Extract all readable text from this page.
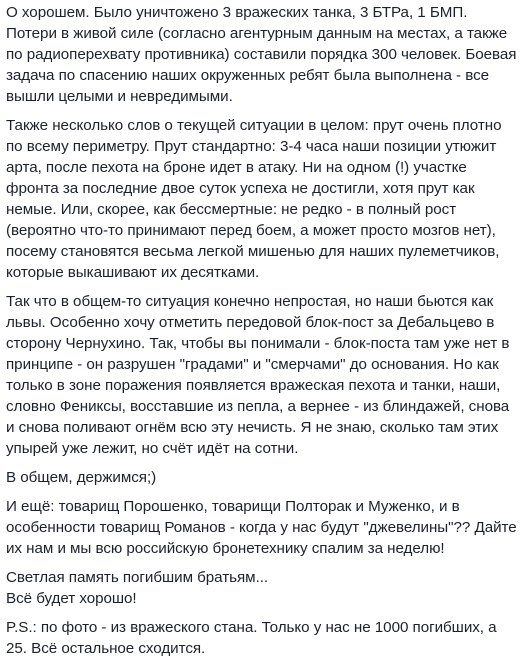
О хорошем. Было уничтожено 3 вражеских танка, 3 БТРа, 1 БМП. Потери в живой силе (согласно агентурным данным на местах, а также по радиоперехвату противника) составили порядка 300 человек. Боевая задача по спасению наших окруженных ребят была выполнена - все вышли целыми и невредимыми.

Также несколько слов о текущей ситуации в целом: прут очень плотно по всему периметру. Прут стандартно: 3-4 часа наши позиции утюжит арта, после пехота на броне идет в атаку. Ни на одном (!) участке фронта за последние двое суток успеха не достигли, хотя прут как немые. Или, скорее, как бессмертные: не редко - в полный рост (вероятно что-то принимают перед боем, а может просто мозгов нет), посему становятся весьма легкой мишенью для наших пулеметчиков, которые выкашивают их десятками.

Так что в общем-то ситуация конечно непростая, но наши бьются как львы. Особенно хочу отметить передовой блок-пост за Дебальцево в сторону Чернухино. Так, чтобы вы понимали - блок-поста там уже нет в принципе - он разрушен "градами" и "смерчами" до основания. Но как только в зоне поражения появляется вражеская пехота и танки, наши, словно Фениксы, восставшие из пепла, а вернее - из блиндажей, снова и снова поливают огнём всю эту нечисть. Я не знаю, сколько там этих упырей уже лежит, но счёт идёт на сотни.

В общем, держимся;)

И ещё: товарищ Порошенко, товарищи Полторак и Муженко, и в особенности товарищ Романов - когда у нас будут "джевелины"?? Дайте их нам и мы всю российскую бронетехнику спалим за неделю!

Светлая память погибшим братьям...
Всё будет хорошо!

P.S.: по фото - из вражеского стана. Только у нас не 1000 погибших, а 25. Всё остальное сходится.
